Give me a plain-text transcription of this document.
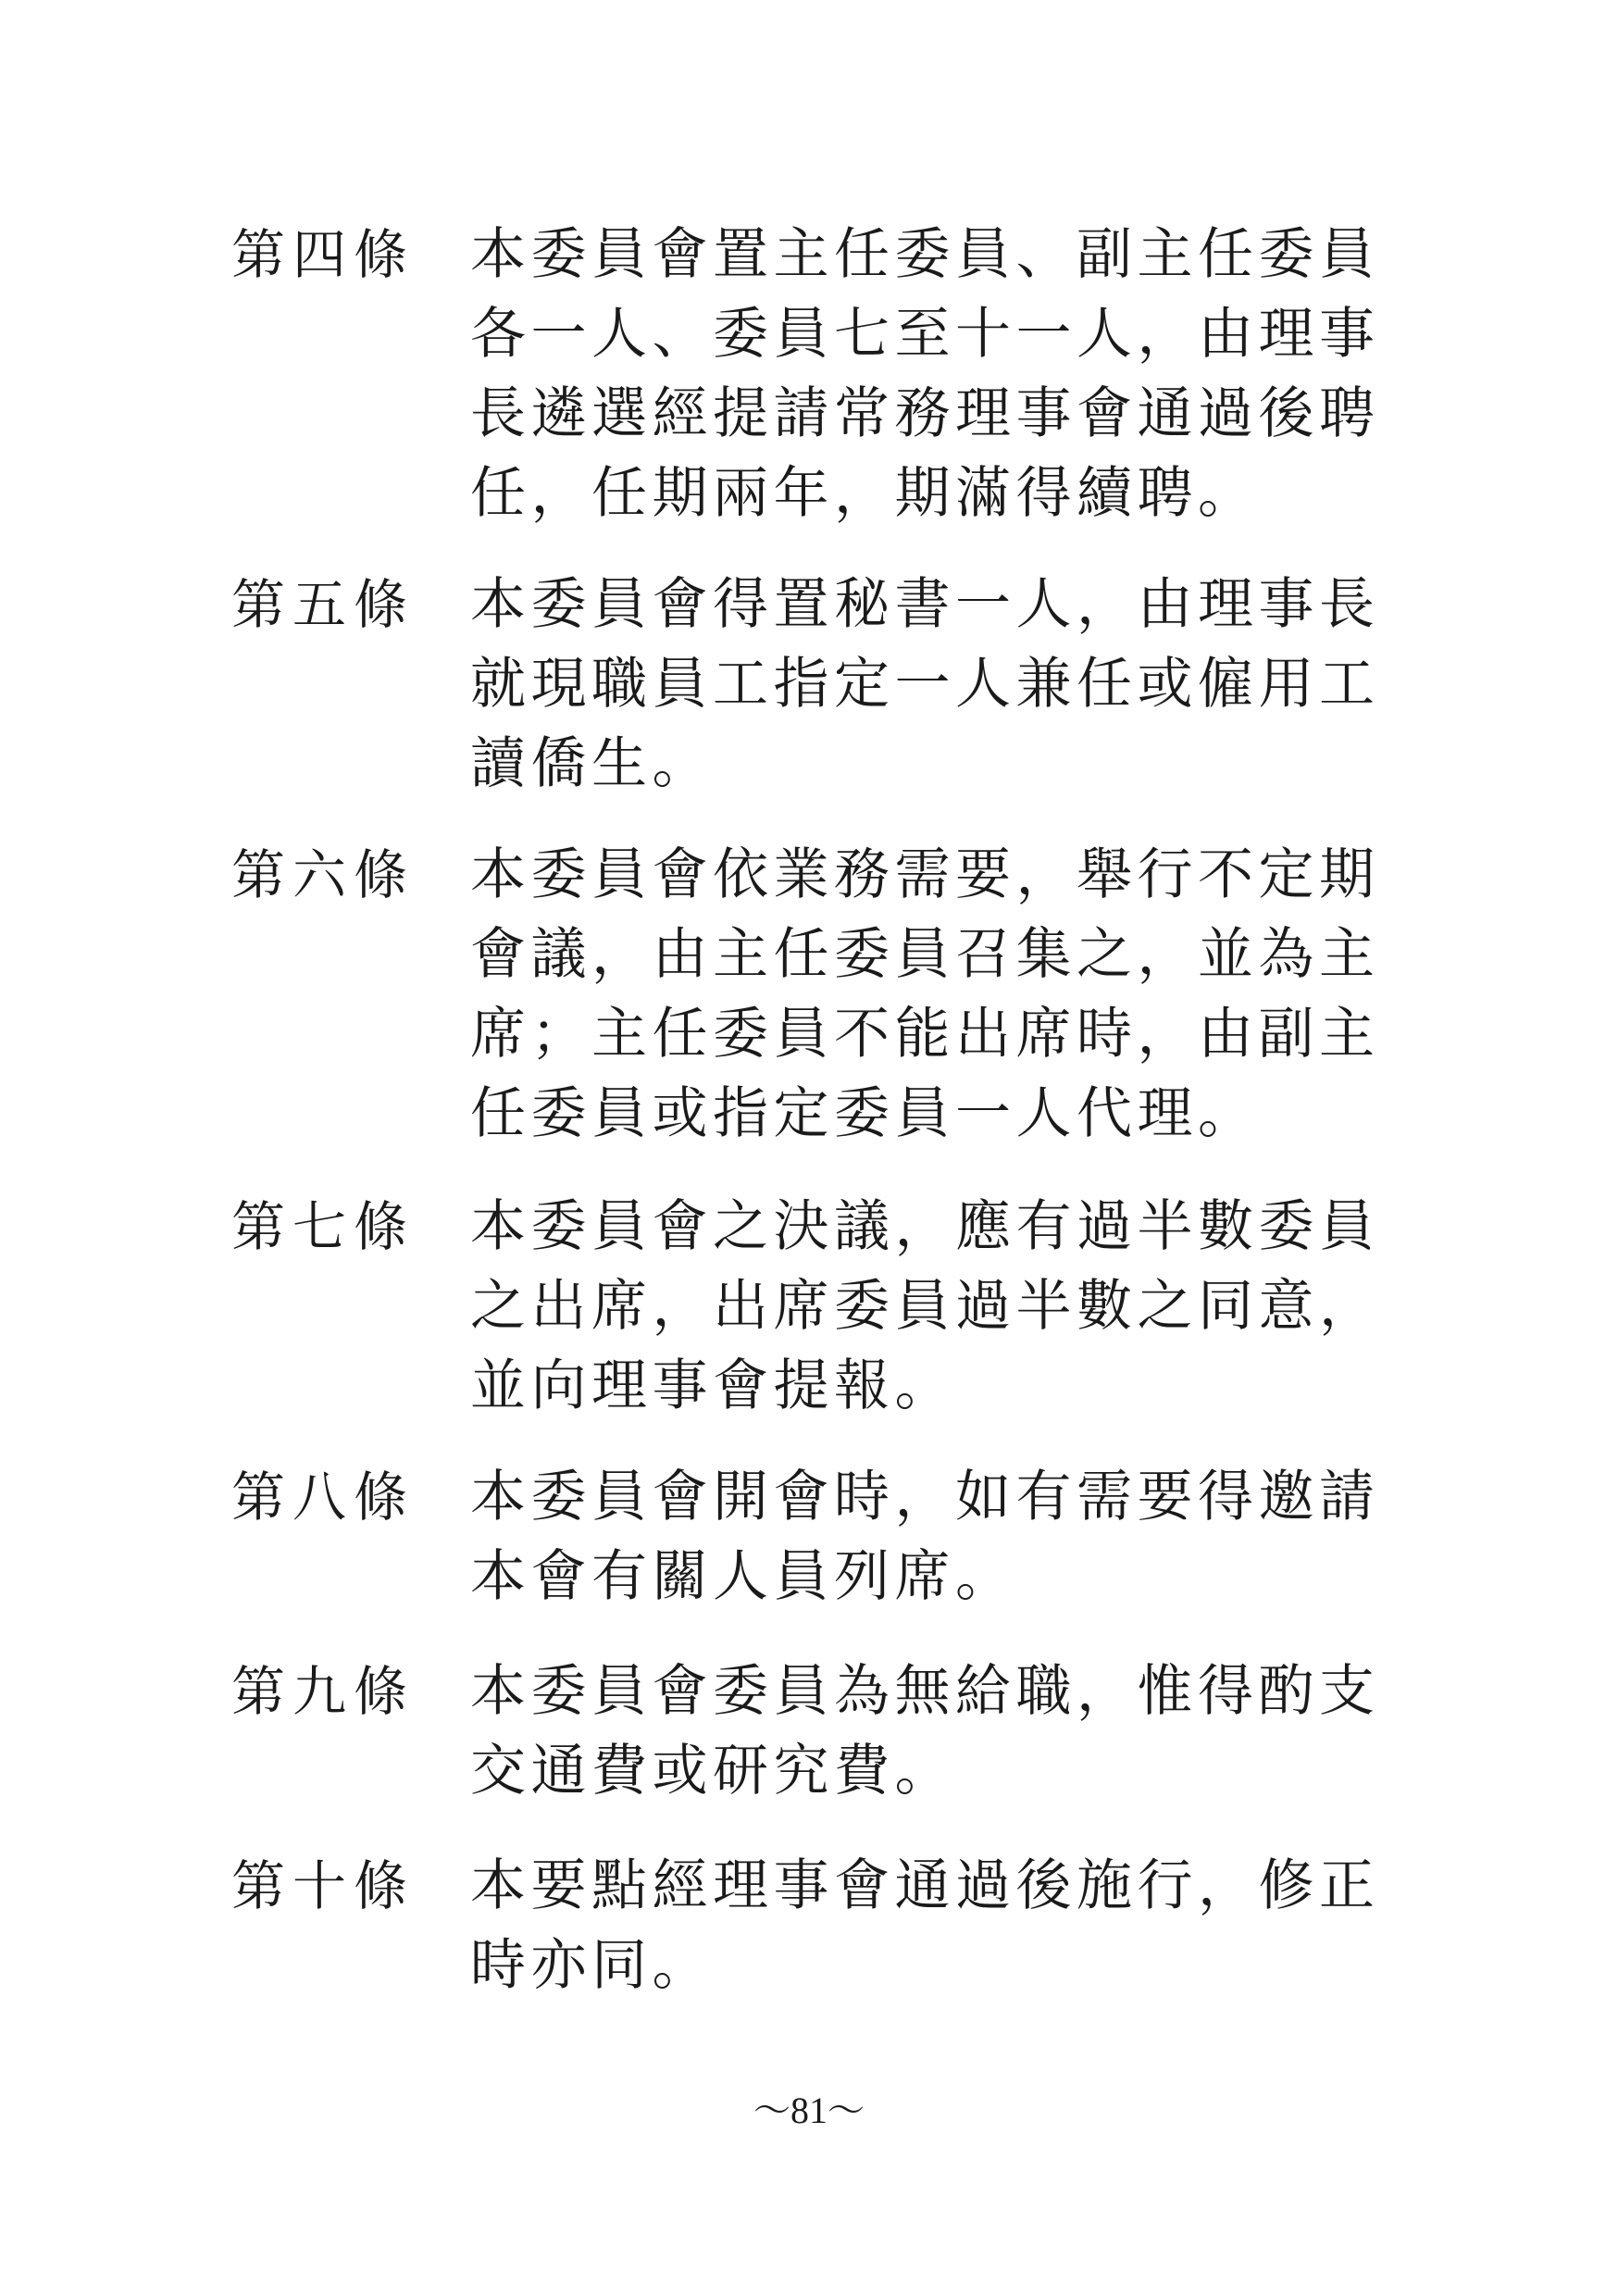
第四條 本委員會置主任委員、副主任委員
各一人、委員七至十一人，由理事
長遴選經提請常務理事會通過後聘
任，任期兩年，期滿得續聘。
第五條 本委員會得置秘書一人，由理事長
就現職員工指定一人兼任或僱用工
讀僑生。
第六條 本委員會依業務需要，舉行不定期
會議，由主任委員召集之，並為主
席；主任委員不能出席時，由副主
任委員或指定委員一人代理。
第七條 本委員會之決議，應有過半數委員
之出席，出席委員過半數之同意，
並向理事會提報。
第八條 本委員會開會時，如有需要得邀請
本會有關人員列席。
第九條 本委員會委員為無給職，惟得酌支
交通費或研究費。
第十條 本要點經理事會通過後施行，修正
時亦同。
～81～
